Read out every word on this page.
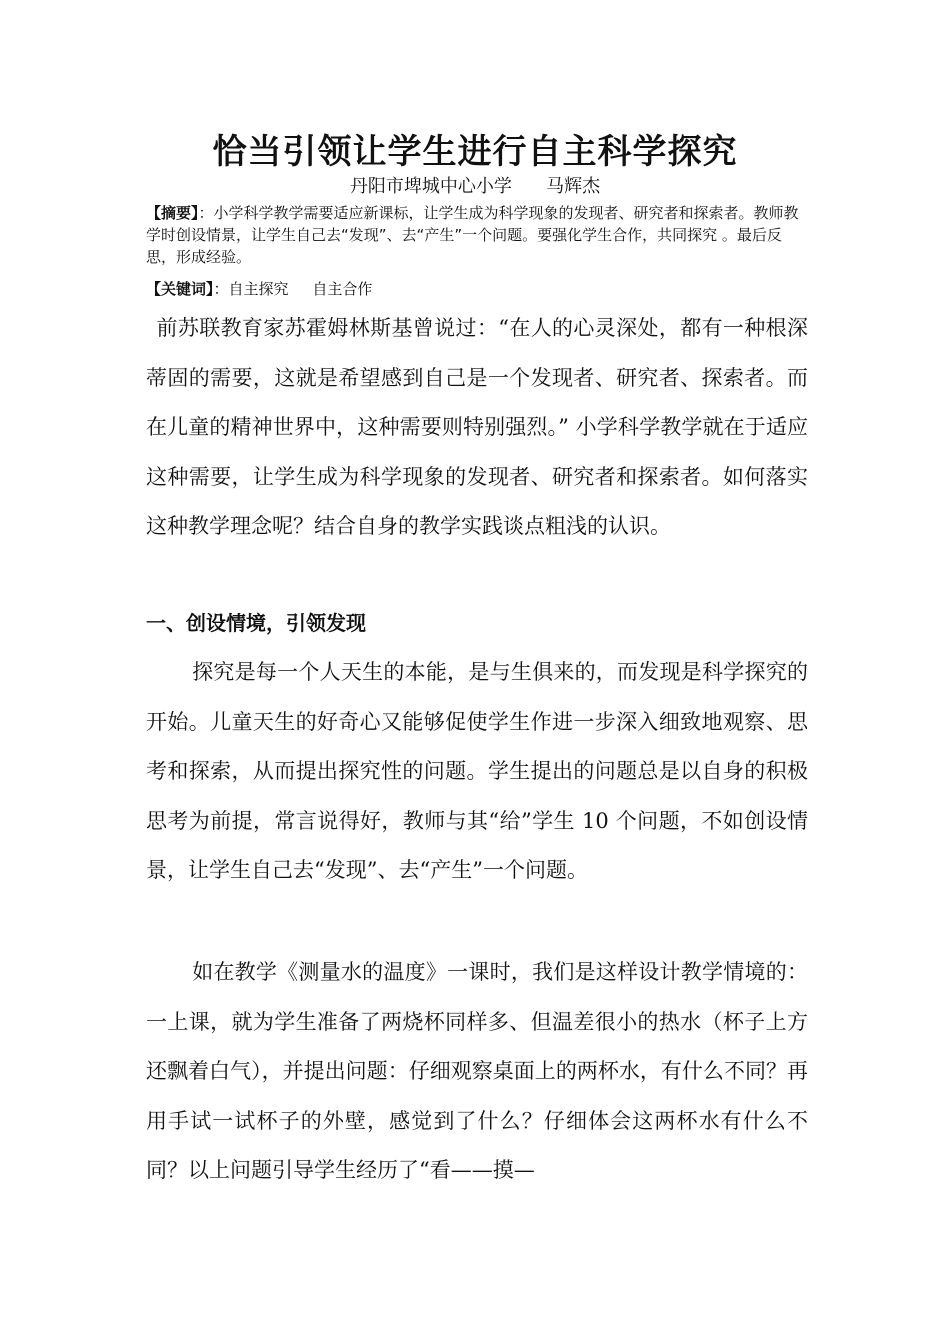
恰当引领让学生进行自主科学探究
丹阳市埤城中心小学      马辉杰
【摘要】：小学科学教学需要适应新课标，让学生成为科学现象的发现者、研究者和探索者。教师教学时创设情景，让学生自己去“发现”、去“产生”一个问题。要强化学生合作，共同探究 。最后反思，形成经验。
【关键词】：自主探究     自主合作

前苏联教育家苏霍姆林斯基曾说过：“在人的心灵深处，都有一种根深蒂固的需要，这就是希望感到自己是一个发现者、研究者、探索者。而在儿童的精神世界中，这种需要则特别强烈。” 小学科学教学就在于适应这种需要，让学生成为科学现象的发现者、研究者和探索者。如何落实这种教学理念呢？结合自身的教学实践谈点粗浅的认识。

一、创设情境，引领发现

探究是每一个人天生的本能，是与生俱来的，而发现是科学探究的开始。儿童天生的好奇心又能够促使学生作进一步深入细致地观察、思考和探索，从而提出探究性的问题。学生提出的问题总是以自身的积极思考为前提，常言说得好，教师与其“给”学生 10 个问题，不如创设情景，让学生自己去“发现”、去“产生”一个问题。

如在教学《测量水的温度》一课时，我们是这样设计教学情境的：一上课，就为学生准备了两烧杯同样多、但温差很小的热水（杯子上方还飘着白气），并提出问题：仔细观察桌面上的两杯水，有什么不同？再用手试一试杯子的外壁，感觉到了什么？仔细体会这两杯水有什么不同？以上问题引导学生经历了“看——摸—
